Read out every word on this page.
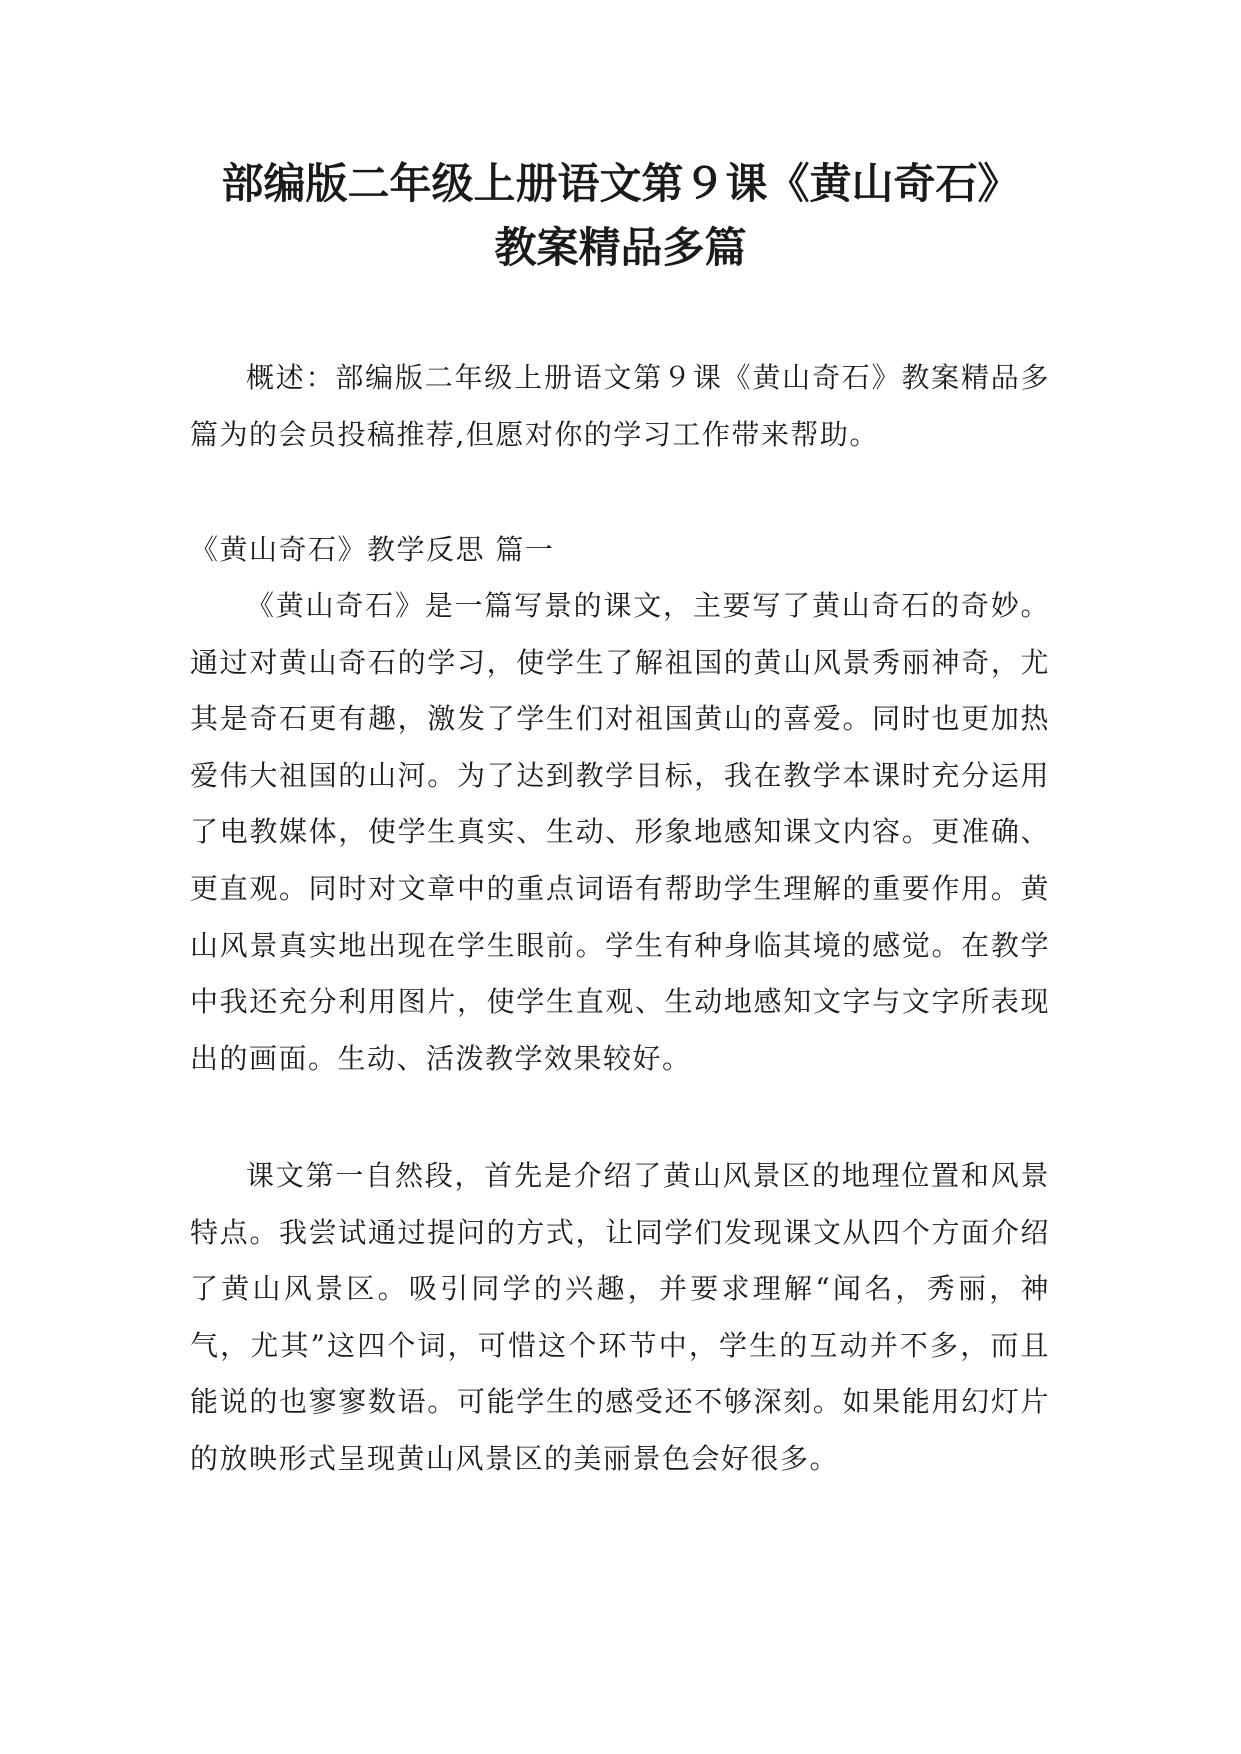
部编版二年级上册语文第９课《黄山奇石》
教案精品多篇

概述：部编版二年级上册语文第９课《黄山奇石》教案精品多篇为的会员投稿推荐,但愿对你的学习工作带来帮助。

《黄山奇石》教学反思 篇一

《黄山奇石》是一篇写景的课文，主要写了黄山奇石的奇妙。通过对黄山奇石的学习，使学生了解祖国的黄山风景秀丽神奇，尤其是奇石更有趣，激发了学生们对祖国黄山的喜爱。同时也更加热爱伟大祖国的山河。为了达到教学目标，我在教学本课时充分运用了电教媒体，使学生真实、生动、形象地感知课文内容。更准确、更直观。同时对文章中的重点词语有帮助学生理解的重要作用。黄山风景真实地出现在学生眼前。学生有种身临其境的感觉。在教学中我还充分利用图片，使学生直观、生动地感知文字与文字所表现出的画面。生动、活泼教学效果较好。

课文第一自然段，首先是介绍了黄山风景区的地理位置和风景特点。我尝试通过提问的方式，让同学们发现课文从四个方面介绍了黄山风景区。吸引同学的兴趣，并要求理解“闻名，秀丽，神气，尤其”这四个词，可惜这个环节中，学生的互动并不多，而且能说的也寥寥数语。可能学生的感受还不够深刻。如果能用幻灯片的放映形式呈现黄山风景区的美丽景色会好很多。
